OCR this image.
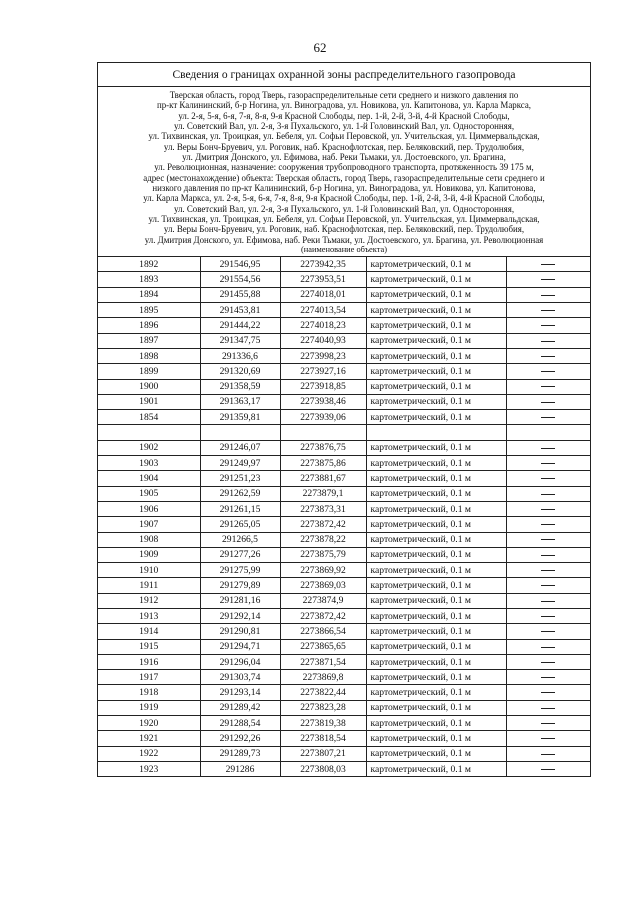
62
Сведения о границах охранной зоны распределительного газопровода
Тверская область, город Тверь, газораспределительные сети среднего и низкого давления по
пр-кт Калининский, б-р Ногина, ул. Виноградова, ул. Новикова, ул. Капитонова, ул. Карла Маркса,
ул. 2-я, 5-я, 6-я, 7-я, 8-я, 9-я Красной Слободы, пер. 1-й, 2-й, 3-й, 4-й Красной Слободы,
ул. Советский Вал, ул. 2-я, 3-я Пухальского, ул. 1-й Головинский Вал, ул. Односторонняя,
ул. Тихвинская, ул. Троицкая, ул. Бебеля, ул. Софьи Перовской, ул. Учительская, ул. Циммервальдская,
ул. Веры Бонч-Бруевич, ул. Роговик, наб. Краснофлотская, пер. Беляковский, пер. Трудолюбия,
ул. Дмитрия Донского, ул. Ефимова, наб. Реки Тьмаки, ул. Достоевского, ул. Брагина,
ул. Революционная, назначение: сооружения трубопроводного транспорта, протяженность 39 175 м,
адрес (местонахождение) объекта: Тверская область, город Тверь, газораспределительные сети среднего и
низкого давления по пр-кт Калининский, б-р Ногина, ул. Виноградова, ул. Новикова, ул. Капитонова,
ул. Карла Маркса, ул. 2-я, 5-я, 6-я, 7-я, 8-я, 9-я Красной Слободы, пер. 1-й, 2-й, 3-й, 4-й Красной Слободы,
ул. Советский Вал, ул. 2-я, 3-я Пухальского, ул. 1-й Головинский Вал, ул. Односторонняя,
ул. Тихвинская, ул. Троицкая, ул. Бебеля, ул. Софьи Перовской, ул. Учительская, ул. Циммервальдская,
ул. Веры Бонч-Бруевич, ул. Роговик, наб. Краснофлотская, пер. Беляковский, пер. Трудолюбия,
ул. Дмитрия Донского, ул. Ефимова, наб. Реки Тьмаки, ул. Достоевского, ул. Брагина, ул. Революционная
(наименование объекта)
1892	291546,95	2273942,35	картометрический, 0.1 м	
1893	291554,56	2273953,51	картометрический, 0.1 м	
1894	291455,88	2274018,01	картометрический, 0.1 м	
1895	291453,81	2274013,54	картометрический, 0.1 м	
1896	291444,22	2274018,23	картометрический, 0.1 м	
1897	291347,75	2274040,93	картометрический, 0.1 м	
1898	291336,6	2273998,23	картометрический, 0.1 м	
1899	291320,69	2273927,16	картометрический, 0.1 м	
1900	291358,59	2273918,85	картометрический, 0.1 м	
1901	291363,17	2273938,46	картометрический, 0.1 м	
1854	291359,81	2273939,06	картометрический, 0.1 м	

1902	291246,07	2273876,75	картометрический, 0.1 м	
1903	291249,97	2273875,86	картометрический, 0.1 м	
1904	291251,23	2273881,67	картометрический, 0.1 м	
1905	291262,59	2273879,1	картометрический, 0.1 м	
1906	291261,15	2273873,31	картометрический, 0.1 м	
1907	291265,05	2273872,42	картометрический, 0.1 м	
1908	291266,5	2273878,22	картометрический, 0.1 м	
1909	291277,26	2273875,79	картометрический, 0.1 м	
1910	291275,99	2273869,92	картометрический, 0.1 м	
1911	291279,89	2273869,03	картометрический, 0.1 м	
1912	291281,16	2273874,9	картометрический, 0.1 м	
1913	291292,14	2273872,42	картометрический, 0.1 м	
1914	291290,81	2273866,54	картометрический, 0.1 м	
1915	291294,71	2273865,65	картометрический, 0.1 м	
1916	291296,04	2273871,54	картометрический, 0.1 м	
1917	291303,74	2273869,8	картометрический, 0.1 м	
1918	291293,14	2273822,44	картометрический, 0.1 м	
1919	291289,42	2273823,28	картометрический, 0.1 м	
1920	291288,54	2273819,38	картометрический, 0.1 м	
1921	291292,26	2273818,54	картометрический, 0.1 м	
1922	291289,73	2273807,21	картометрический, 0.1 м	
1923	291286	2273808,03	картометрический, 0.1 м	
